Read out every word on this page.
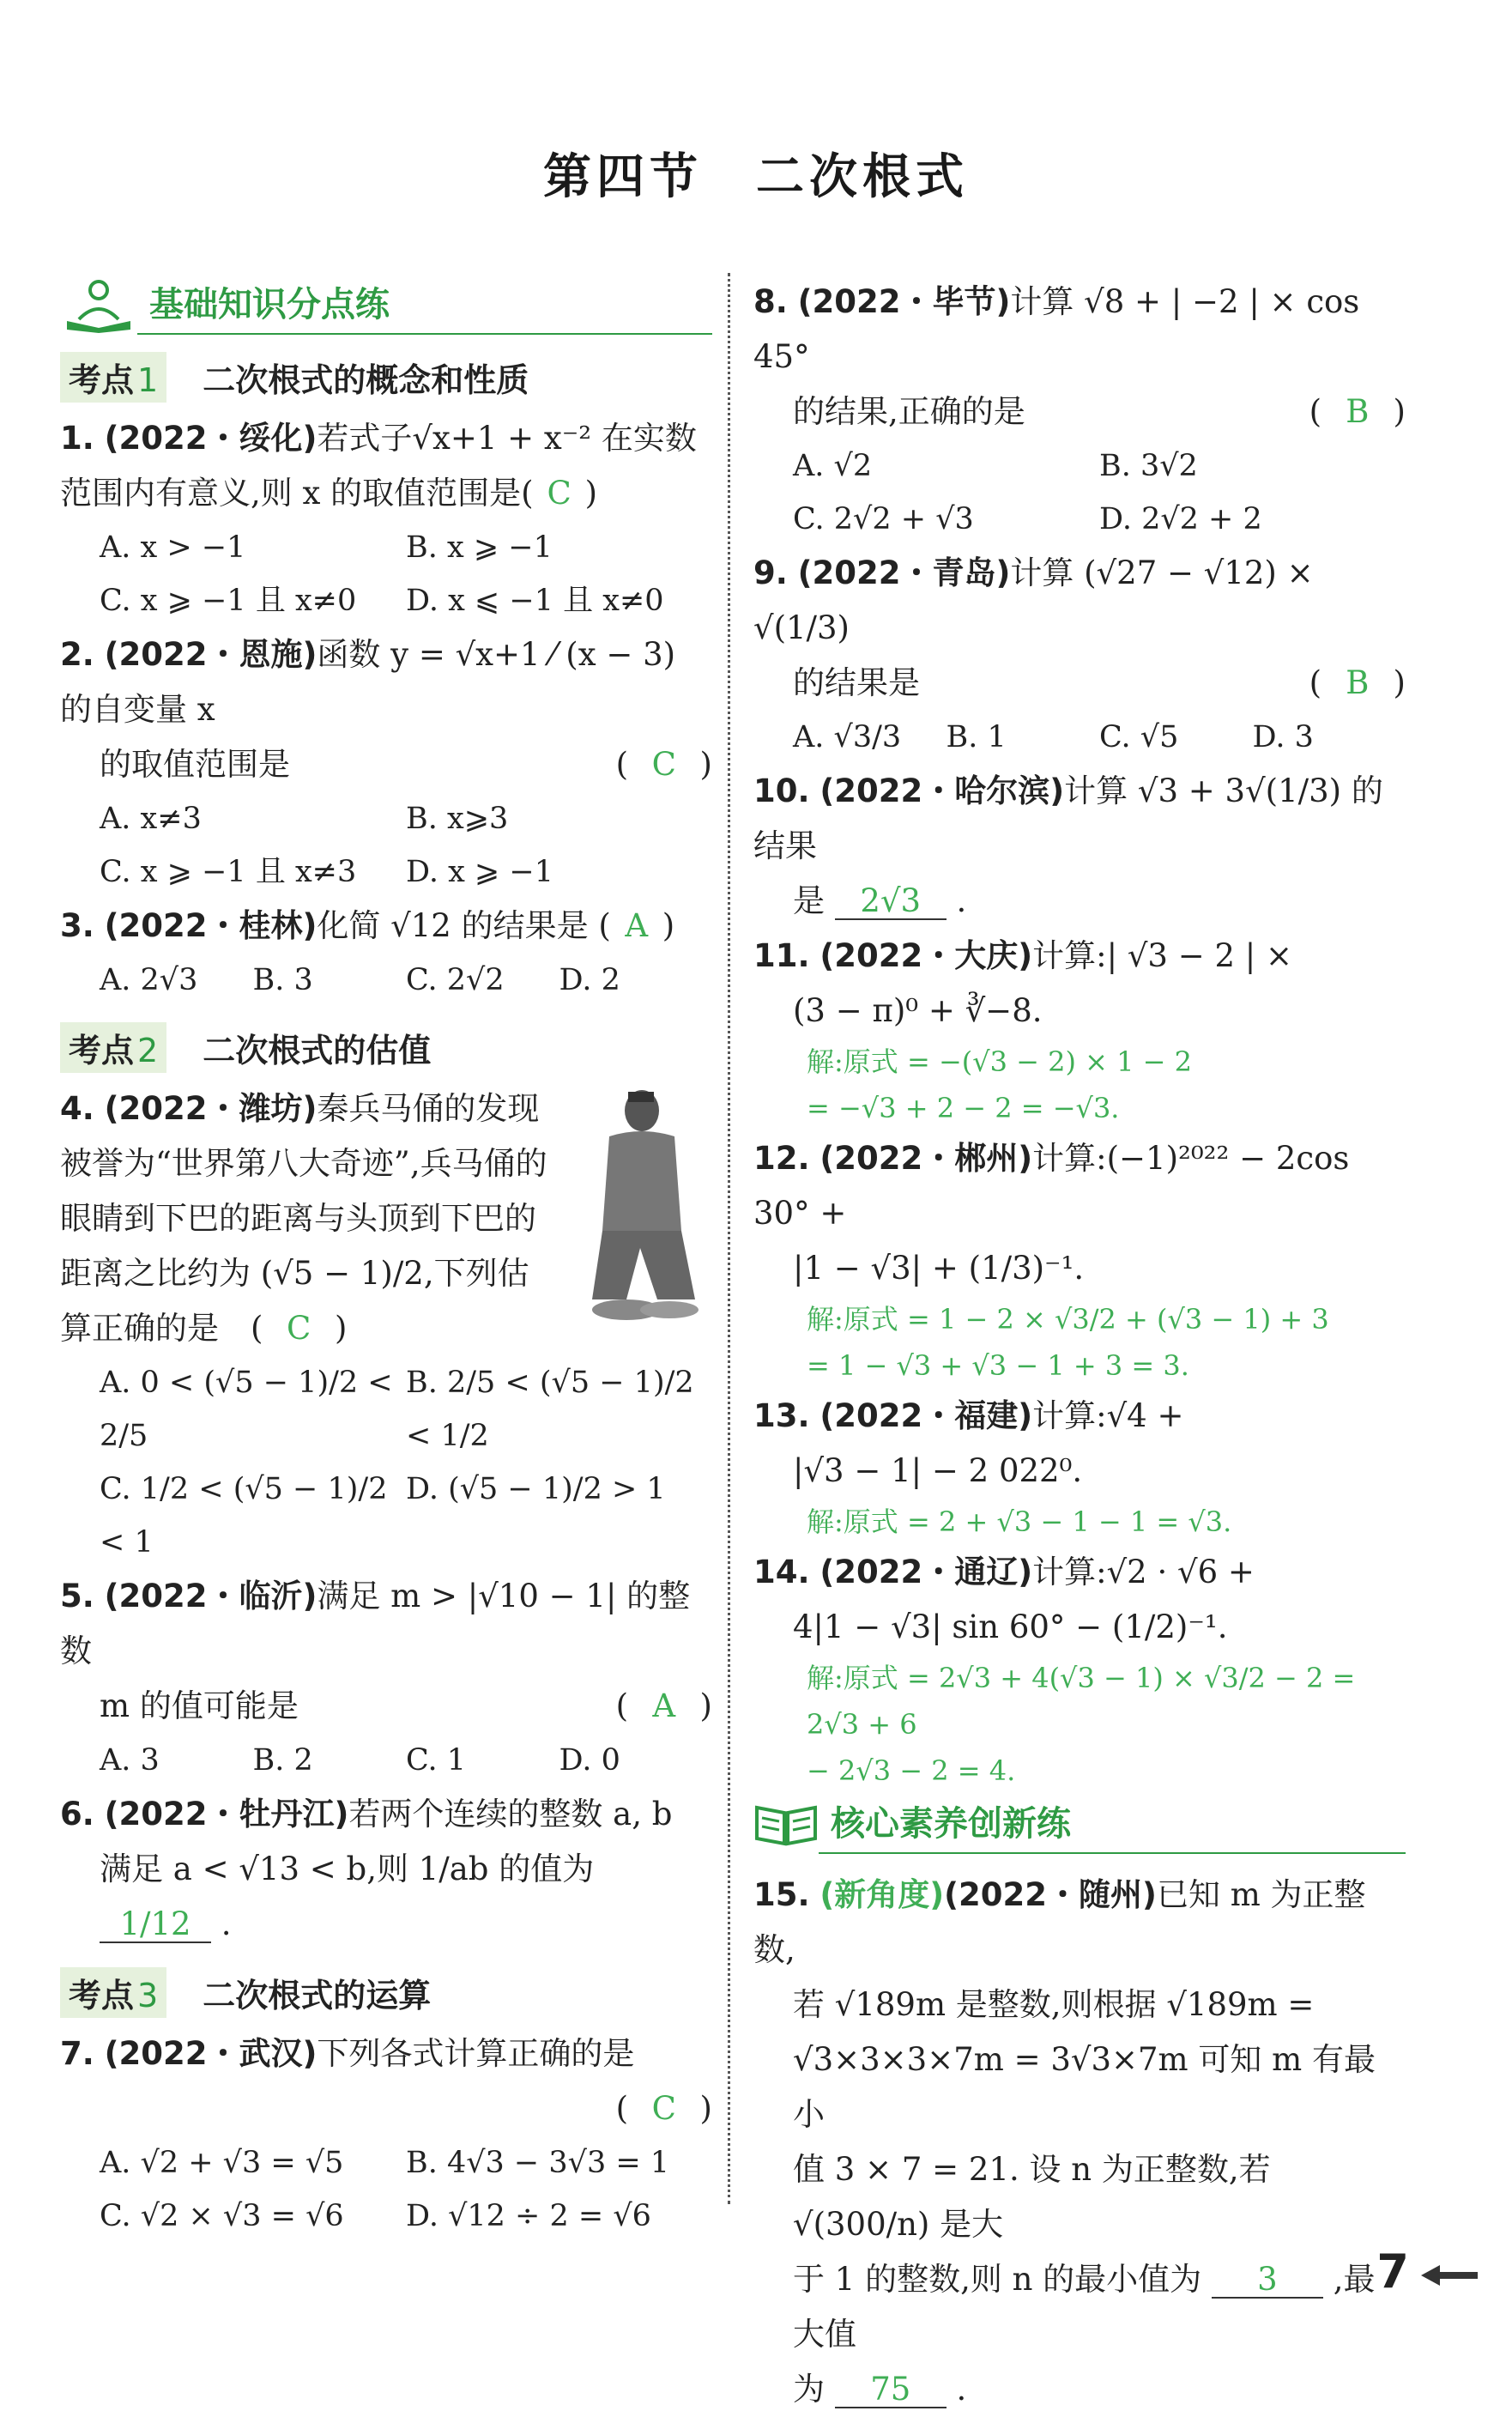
第四节　二次根式
基础知识分点练
考点 1 二次根式的概念和性质

1. (2022・绥化)若式子√x+1 + x⁻² 在实数范围内有意义,则 x 的取值范围是( C )

A. x > −1	B. x ⩾ −1
C. x ⩾ −1 且 x≠0	D. x ⩽ −1 且 x≠0

2. (2022・恩施)函数 y = √x+1 ⁄ (x − 3) 的自变量 x

的取值范围是	( C )

A. x≠3	B. x⩾3
C. x ⩾ −1 且 x≠3	D. x ⩾ −1

3. (2022・桂林)化简 √12 的结果是 ( A )

A. 2√3	B. 3	C. 2√2	D. 2
考点 2 二次根式的估值

4. (2022・潍坊)秦兵马俑的发现被誉为“世界第八大奇迹”,兵马俑的眼睛到下巴的距离与头顶到下巴的距离之比约为 (√5 − 1)/2,下列估算正确的是　( C )

A. 0 < (√5 − 1)/2 < 2/5
B. 2/5 < (√5 − 1)/2 < 1/2
C. 1/2 < (√5 − 1)/2 < 1
D. (√5 − 1)/2 > 1

5. (2022・临沂)满足 m > |√10 − 1| 的整数

m 的值可能是	( A )

A. 3	B. 2	C. 1	D. 0

6. (2022・牡丹江)若两个连续的整数 a, b

满足 a < √13 < b,则 1/ab 的值为 1/12 .

考点 3 二次根式的运算

7. (2022・武汉)下列各式计算正确的是

( C )

A. √2 + √3 = √5	B. 4√3 − 3√3 = 1
C. √2 × √3 = √6	D. √12 ÷ 2 = √6

8. (2022・毕节)计算 √8 + | −2 | × cos 45°

的结果,正确的是	( B )

A. √2	B. 3√2
C. 2√2 + √3	D. 2√2 + 2

9. (2022・青岛)计算 (√27 − √12) × √(1/3)

的结果是	( B )

A. √3/3	B. 1	C. √5	D. 3

10. (2022・哈尔滨)计算 √3 + 3√(1/3) 的结果

是 2√3 .

11. (2022・大庆)计算:| √3 − 2 | ×

(3 − π)⁰ + ∛−8.

解:原式 = −(√3 − 2) × 1 − 2
= −√3 + 2 − 2 = −√3.

12. (2022・郴州)计算:(−1)²⁰²² − 2cos 30° +

|1 − √3| + (1/3)⁻¹.

解:原式 = 1 − 2 × √3/2 + (√3 − 1) + 3
= 1 − √3 + √3 − 1 + 3 = 3.

13. (2022・福建)计算:√4 +

|√3 − 1| − 2 022⁰.

解:原式 = 2 + √3 − 1 − 1 = √3.

14. (2022・通辽)计算:√2 · √6 +

4|1 − √3| sin 60° − (1/2)⁻¹.

解:原式 = 2√3 + 4(√3 − 1) × √3/2 − 2 = 2√3 + 6
− 2√3 − 2 = 4.
核心素养创新练

15. (新角度)(2022・随州)已知 m 为正整数,

若 √189m 是整数,则根据 √189m =

√3×3×3×7m = 3√3×7m 可知 m 有最小

值 3 × 7 = 21. 设 n 为正整数,若 √(300/n) 是大

于 1 的整数,则 n 的最小值为 3 ,最大值

为 75 .

7
